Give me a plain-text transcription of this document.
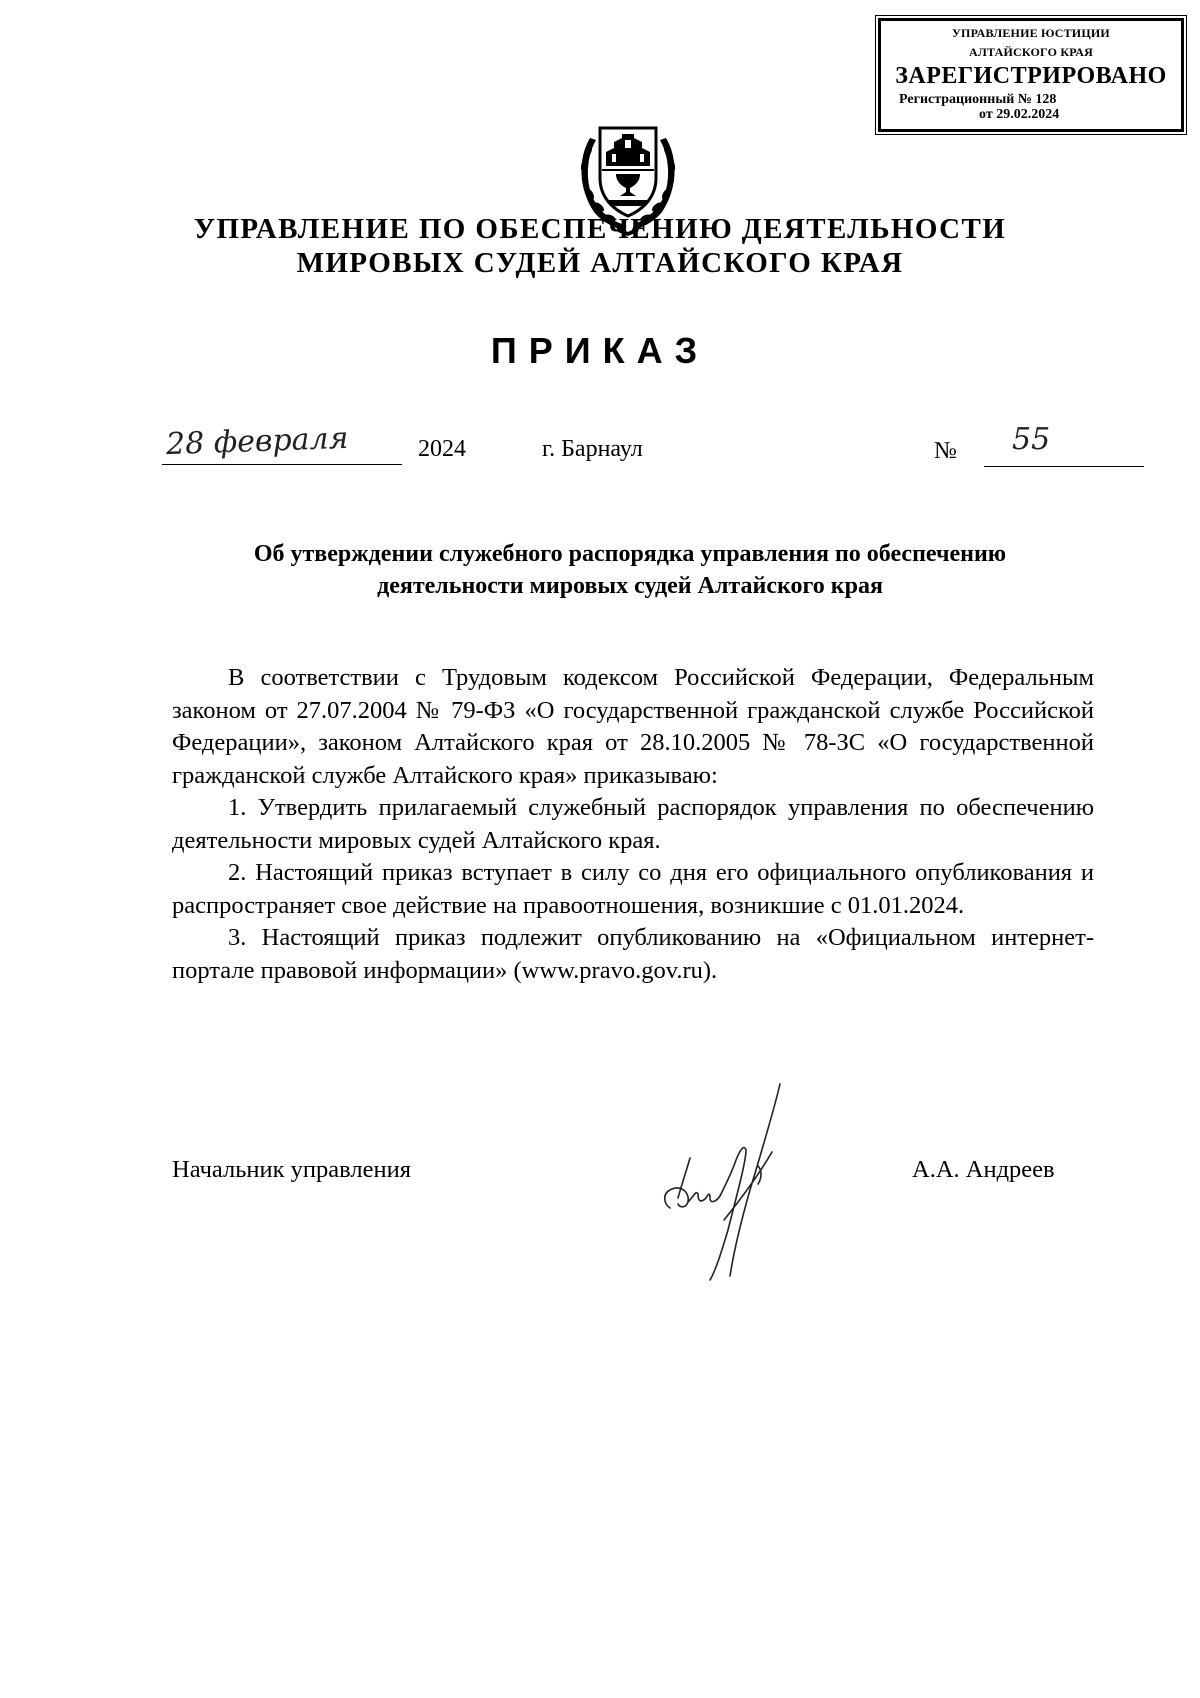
УПРАВЛЕНИЕ ЮСТИЦИИ
АЛТАЙСКОГО КРАЯ
ЗАРЕГИСТРИРОВАНО
Регистрационный № 128
от 29.02.2024
УПРАВЛЕНИЕ ПО ОБЕСПЕЧЕНИЮ ДЕЯТЕЛЬНОСТИ
МИРОВЫХ СУДЕЙ АЛТАЙСКОГО КРАЯ
ПРИКАЗ
28 февраля	2024	г. Барнаул	№ 55
Об утверждении служебного распорядка управления по обеспечению
деятельности мировых судей Алтайского края

В соответствии с Трудовым кодексом Российской Федерации, Федеральным законом от 27.07.2004 № 79-ФЗ «О государственной гражданской службе Российской Федерации», законом Алтайского края от 28.10.2005 № 78-ЗС «О государственной гражданской службе Алтайского края» приказываю:

1. Утвердить прилагаемый служебный распорядок управления по обеспечению деятельности мировых судей Алтайского края.

2. Настоящий приказ вступает в силу со дня его официального опубликования и распространяет свое действие на правоотношения, возникшие с 01.01.2024.

3. Настоящий приказ подлежит опубликованию на «Официальном интернет-портале правовой информации» (www.pravo.gov.ru).

Начальник управления	А.А. Андреев
